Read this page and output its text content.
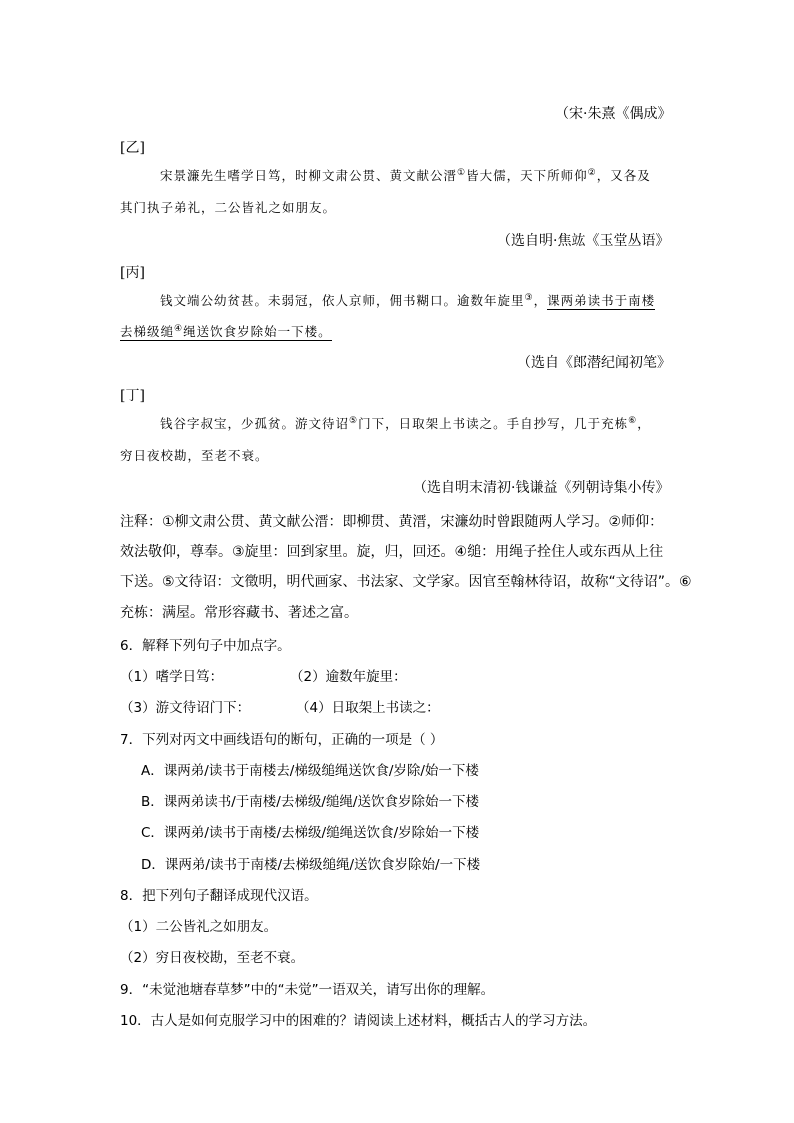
（宋·朱熹《偶成》
[乙]
宋景濂先生嗜学日笃，时柳文肃公贯、黄文献公溍①皆大儒，天下所师仰②，又各及
其门执子弟礼，二公皆礼之如朋友。
（选自明·焦竑《玉堂丛语》
[丙]
钱文端公幼贫甚。未弱冠，依人京师，佣书糊口。逾数年旋里③，课两弟读书于南楼
去梯级缒④绳送饮食岁除始一下楼。
（选自《郎潜纪闻初笔》
[丁]
钱谷字叔宝，少孤贫。游文待诏⑤门下，日取架上书读之。手自抄写，几于充栋⑥，
穷日夜校勘，至老不衰。
（选自明末清初·钱谦益《列朝诗集小传》
注释：①柳文肃公贯、黄文献公溍：即柳贯、黄溍，宋濂幼时曾跟随两人学习。②师仰：
效法敬仰，尊奉。③旋里：回到家里。旋，归，回还。④缒：用绳子拴住人或东西从上往
下送。⑤文待诏：文徵明，明代画家、书法家、文学家。因官至翰林待诏，故称“文待诏”。⑥
充栋：满屋。常形容藏书、著述之富。
6．解释下列句子中加点字。
（1）嗜学日笃：	（2）逾数年旋里：
（3）游文待诏门下：	（4）日取架上书读之：
7．下列对丙文中画线语句的断句，正确的一项是（ ）
A．课两弟/读书于南楼去/梯级缒绳送饮食/岁除/始一下楼
B．课两弟读书/于南楼/去梯级/缒绳/送饮食岁除始一下楼
C．课两弟/读书于南楼/去梯级/缒绳送饮食/岁除始一下楼
D．课两弟/读书于南楼/去梯级缒绳/送饮食岁除始/一下楼
8．把下列句子翻译成现代汉语。
（1）二公皆礼之如朋友。
（2）穷日夜校勘，至老不衰。
9．“未觉池塘春草梦”中的“未觉”一语双关，请写出你的理解。
10．古人是如何克服学习中的困难的？请阅读上述材料，概括古人的学习方法。
